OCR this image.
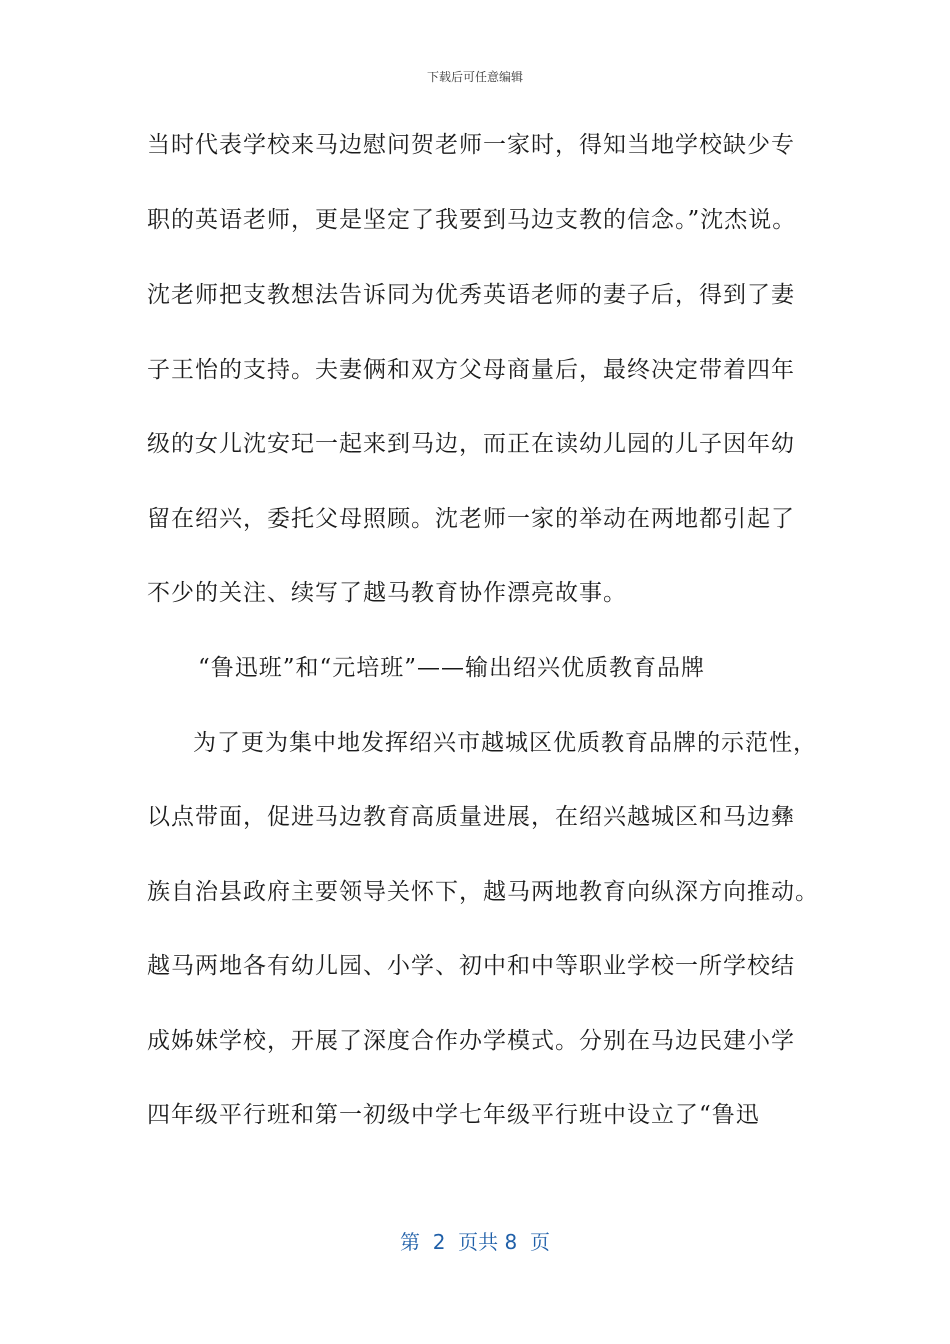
下载后可任意编辑
当时代表学校来马边慰问贺老师一家时，得知当地学校缺少专
职的英语老师，更是坚定了我要到马边支教的信念。”沈杰说。
沈老师把支教想法告诉同为优秀英语老师的妻子后，得到了妻
子王怡的支持。夫妻俩和双方父母商量后，最终决定带着四年
级的女儿沈安玘一起来到马边，而正在读幼儿园的儿子因年幼
留在绍兴，委托父母照顾。沈老师一家的举动在两地都引起了
不少的关注、续写了越马教育协作漂亮故事。
“鲁迅班”和“元培班”——输出绍兴优质教育品牌
为了更为集中地发挥绍兴市越城区优质教育品牌的示范性，
以点带面，促进马边教育高质量进展，在绍兴越城区和马边彝
族自治县政府主要领导关怀下，越马两地教育向纵深方向推动。
越马两地各有幼儿园、小学、初中和中等职业学校一所学校结
成姊妹学校，开展了深度合作办学模式。分别在马边民建小学
四年级平行班和第一初级中学七年级平行班中设立了“鲁迅
第  2  页共 8  页
